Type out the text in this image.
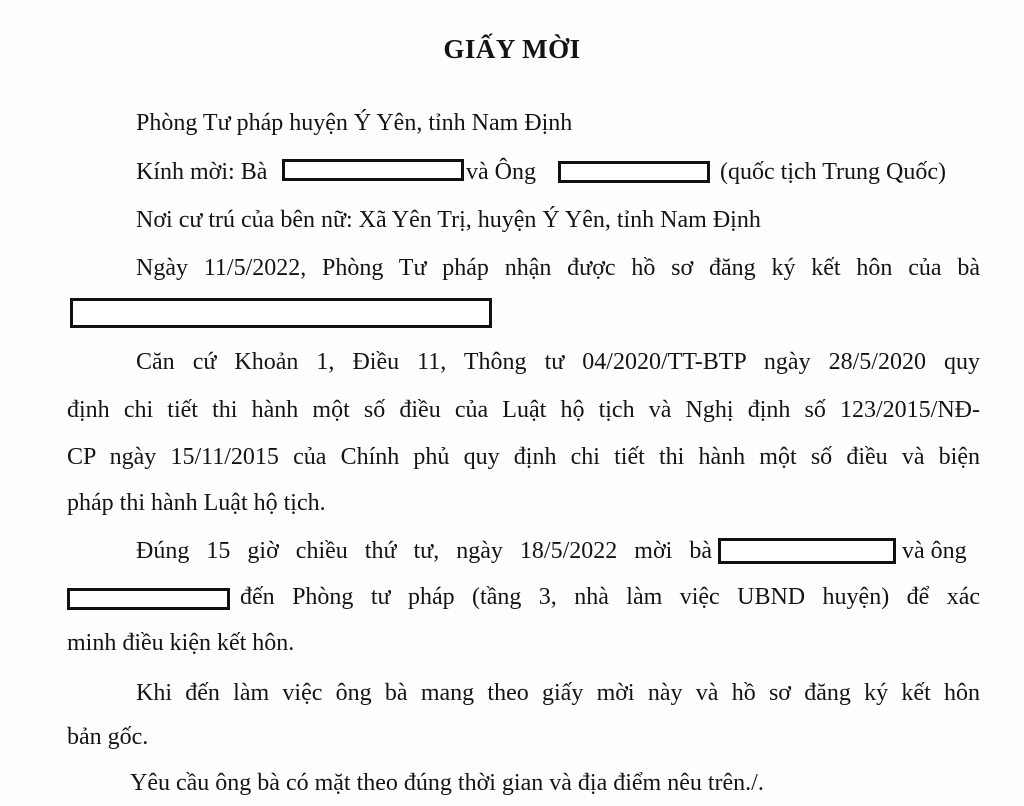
GIẤY MỜI
Phòng Tư pháp huyện Ý Yên, tỉnh Nam Định
Kính mời: Bà	và Ông	(quốc tịch Trung Quốc)
Nơi cư trú của bên nữ: Xã Yên Trị, huyện Ý Yên, tỉnh Nam Định
Ngày 11/5/2022, Phòng Tư pháp nhận được hồ sơ đăng ký kết hôn của bà
Căn cứ Khoản 1, Điều 11, Thông tư 04/2020/TT-BTP ngày 28/5/2020 quy
định chi tiết thi hành một số điều của Luật hộ tịch và Nghị định số 123/2015/NĐ-
CP ngày 15/11/2015 của Chính phủ quy định chi tiết thi hành một số điều và biện
pháp thi hành Luật hộ tịch.
Đúng 15 giờ chiều thứ tư, ngày 18/5/2022 mời bà	và ông
đến Phòng tư pháp (tầng 3, nhà làm việc UBND huyện) để xác
minh điều kiện kết hôn.
Khi đến làm việc ông bà mang theo giấy mời này và hồ sơ đăng ký kết hôn
bản gốc.
Yêu cầu ông bà có mặt theo đúng thời gian và địa điểm nêu trên./.
